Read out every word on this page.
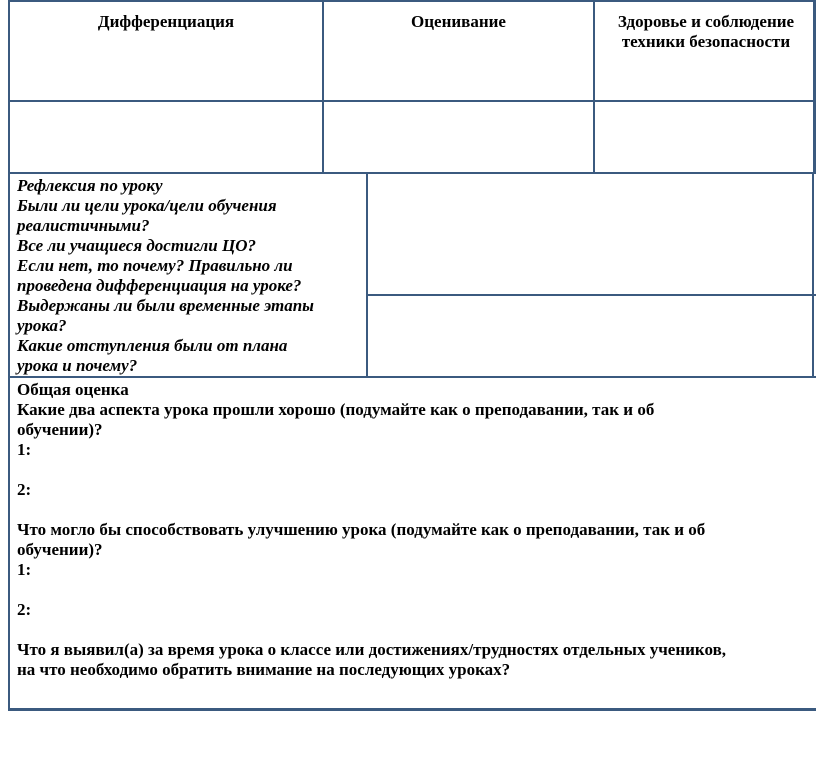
Дифференциация	Оценивание	Здоровье и соблюдение техники безопасности
Рефлексия по уроку
Были ли цели урока/цели обучения
реалистичными?
Все ли учащиеся достигли ЦО?
Если нет, то почему? Правильно ли
проведена дифференциация на уроке?
Выдержаны ли были временные этапы
урока?
Какие отступления были от плана
урока и почему?
Общая оценка
Какие два аспекта урока прошли хорошо (подумайте как о преподавании, так и об
обучении)?
1:
2:
Что могло бы способствовать улучшению урока (подумайте как о преподавании, так и об
обучении)?
1:
2:
Что я выявил(а) за время урока о классе или достижениях/трудностях отдельных учеников,
на что необходимо обратить внимание на последующих уроках?
